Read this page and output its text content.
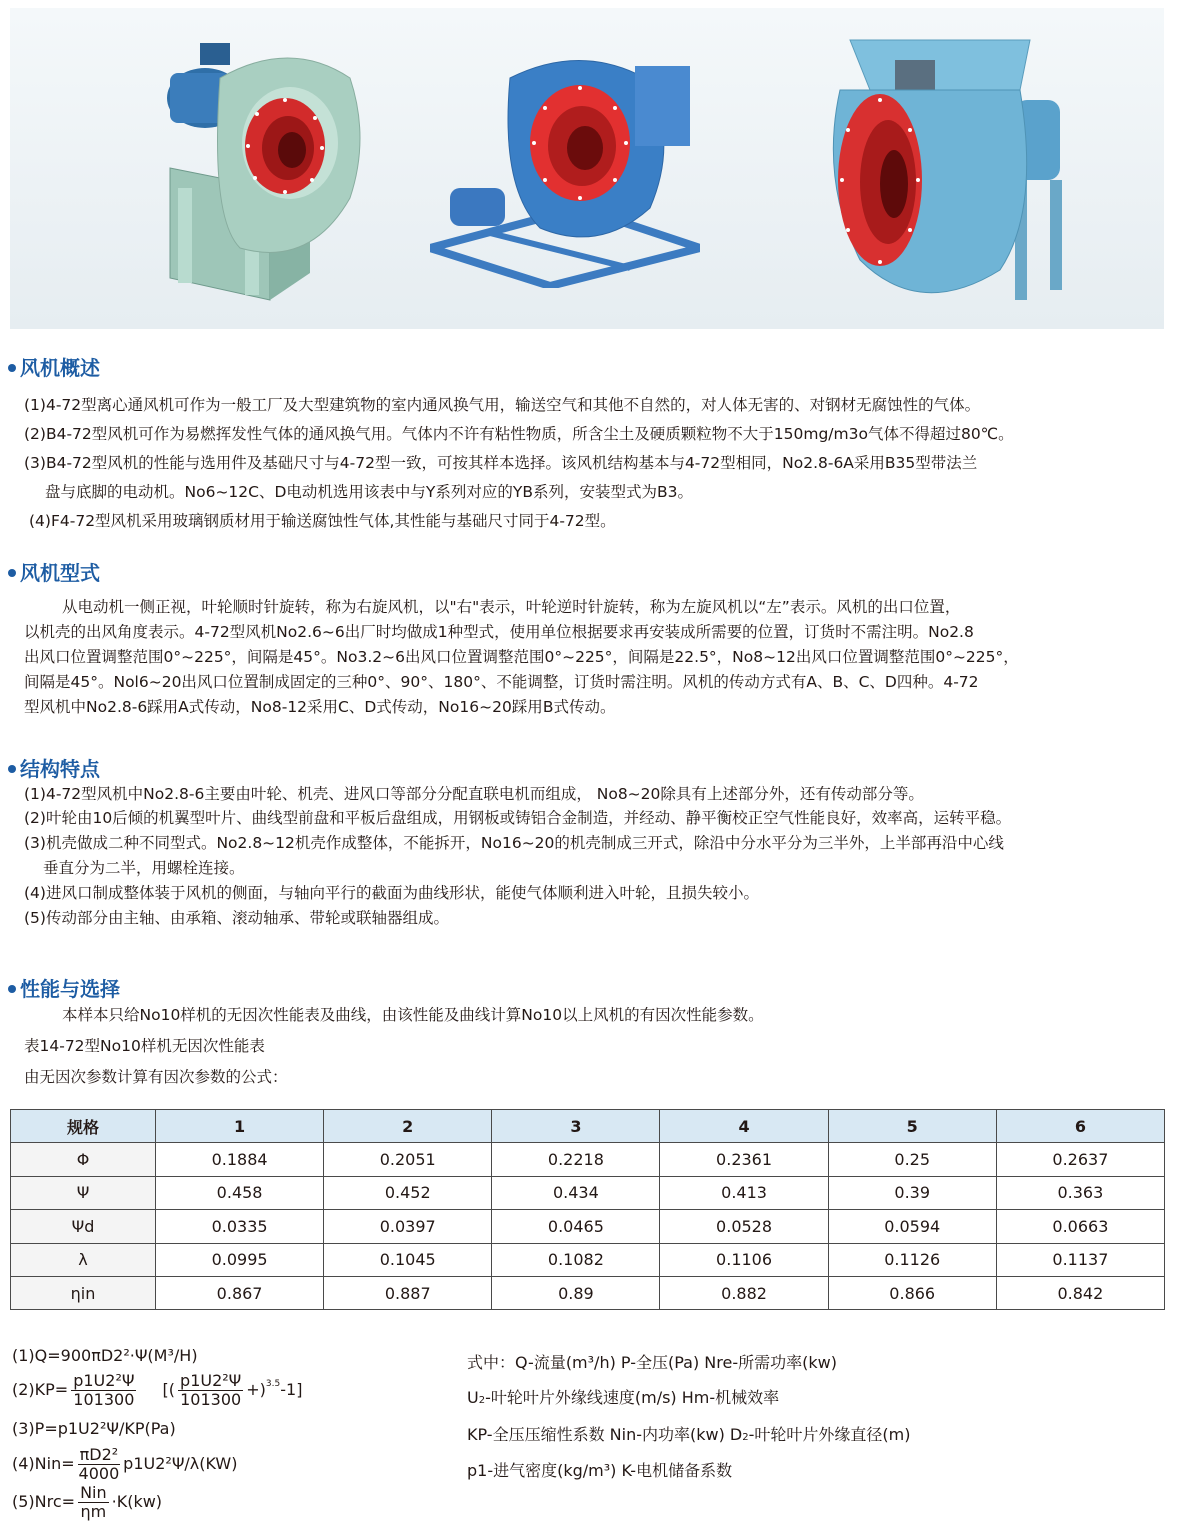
风机概述
(1)4-72型离心通风机可作为一般工厂及大型建筑物的室内通风换气用，输送空气和其他不自然的，对人体无害的、对钢材无腐蚀性的气体。
(2)B4-72型风机可作为易燃挥发性气体的通风换气用。气体内不许有粘性物质，所含尘土及硬质颗粒物不大于150mg/m3o气体不得超过80℃。
(3)B4-72型风机的性能与选用件及基础尺寸与4-72型一致，可按其样本选择。该风机结构基本与4-72型相同，No2.8-6A采用B35型带法兰
盘与底脚的电动机。No6~12C、D电动机选用该表中与Y系列对应的YB系列，安装型式为B3。
(4)F4-72型风机采用玻璃钢质材用于输送腐蚀性气体,其性能与基础尺寸同于4-72型。
风机型式
从电动机一侧正视，叶轮顺时针旋转，称为右旋风机，以"右"表示，叶轮逆时针旋转，称为左旋风机以“左”表示。风机的出口位置，
以机壳的出风角度表示。4-72型风机No2.6~6出厂时均做成1种型式，使用单位根据要求再安装成所需要的位置，订货时不需注明。No2.8
出风口位置调整范围0°~225°，间隔是45°。No3.2~6出风口位置调整范围0°~225°，间隔是22.5°，No8~12出风口位置调整范围0°~225°，
间隔是45°。Nol6~20出风口位置制成固定的三种0°、90°、180°、不能调整，订货时需注明。风机的传动方式有A、B、C、D四种。4-72
型风机中No2.8-6踩用A式传动，No8-12采用C、D式传动，No16~20踩用B式传动。
结构特点
(1)4-72型风机中No2.8-6主要由叶轮、机壳、进风口等部分分配直联电机而组成， No8~20除具有上述部分外，还有传动部分等。
(2)叶轮由10后倾的机翼型叶片、曲线型前盘和平板后盘组成，用钢板或铸铝合金制造，并经动、静平衡校正空气性能良好，效率高，运转平稳。
(3)机壳做成二种不同型式。No2.8~12机壳作成整体，不能拆开，No16~20的机壳制成三开式，除沿中分水平分为三半外，上半部再沿中心线
垂直分为二半，用螺栓连接。
(4)进风口制成整体装于风机的侧面，与轴向平行的截面为曲线形状，能使气体顺利进入叶轮，且损失较小。
(5)传动部分由主轴、由承箱、滚动轴承、带轮或联轴器组成。
性能与选择
本样本只给No10样机的无因次性能表及曲线，由该性能及曲线计算No10以上风机的有因次性能参数。
表14-72型No10样机无因次性能表
由无因次参数计算有因次参数的公式：
规格	1	2	3	4	5	6
Φ	0.1884	0.2051	0.2218	0.2361	0.25	0.2637
Ψ	0.458	0.452	0.434	0.413	0.39	0.363
Ψd	0.0335	0.0397	0.0465	0.0528	0.0594	0.0663
λ	0.0995	0.1045	0.1082	0.1106	0.1126	0.1137
ηin	0.867	0.887	0.89	0.882	0.866	0.842
(1)Q=900πD2²·Ψ(M³/H)
$(2)KP= \frac{\text{p1U2²Ψ}}{101300}$ [( $\frac{\text{p1U2²Ψ}}{101300} +)^{3.5}-1$]
(3)P=p1U2²Ψ/KP(Pa)
$(4)Nin= \frac{\text{πD2²}}{4000} p1U2^2\Psi/\lambda(KW)$
$(5)Nrc= \frac{\text{Nin}}{\eta m} \cdot K(kw)$
式中：Q-流量(m³/h) P-全压(Pa) Nre-所需功率(kw)
U2-叶轮叶片外缘线速度(m/s) Hm-机械效率
KP-全压压缩性系数 Nin-内功率(kw) D2-叶轮叶片外缘直径(m)
p1-进气密度(kg/m³) K-电机储备系数
